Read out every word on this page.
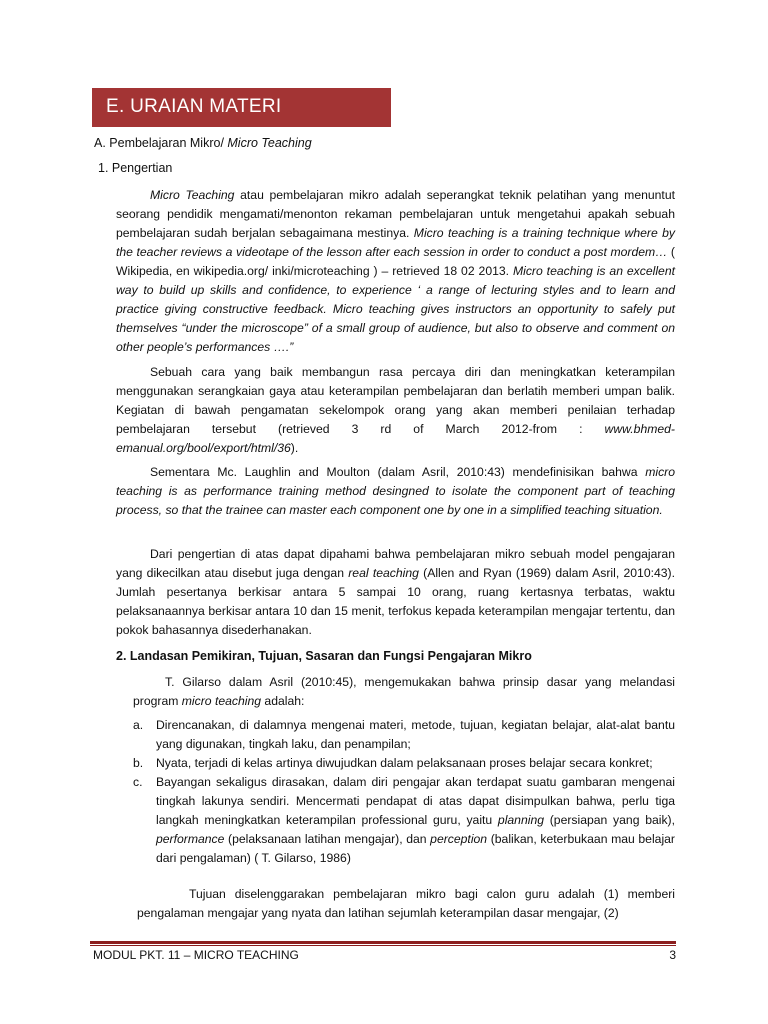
E. URAIAN MATERI
A. Pembelajaran Mikro/ Micro Teaching
1. Pengertian

Micro Teaching atau pembelajaran mikro adalah seperangkat teknik pelatihan yang menuntut seorang pendidik mengamati/menonton rekaman pembelajaran untuk mengetahui apakah sebuah pembelajaran sudah berjalan sebagaimana mestinya. Micro teaching is a training technique where by the teacher reviews a videotape of the lesson after each session in order to conduct a post mordem… ( Wikipedia, en wikipedia.org/ inki/microteaching ) – retrieved 18 02 2013. Micro teaching is an excellent way to build up skills and confidence, to experience ‘ a range of lecturing styles and to learn and practice giving constructive feedback. Micro teaching gives instructors an opportunity to safely put themselves “under the microscope” of a small group of audience, but also to observe and comment on other people’s performances ….”

Sebuah cara yang baik membangun rasa percaya diri dan meningkatkan keterampilan menggunakan serangkaian gaya atau keterampilan pembelajaran dan berlatih memberi umpan balik. Kegiatan di bawah pengamatan sekelompok orang yang akan memberi penilaian terhadap pembelajaran tersebut (retrieved 3 rd of March 2012-from : www.bhmed-emanual.org/bool/export/html/36).

Sementara Mc. Laughlin and Moulton (dalam Asril, 2010:43) mendefinisikan bahwa micro teaching is as performance training method desingned to isolate the component part of teaching process, so that the trainee can master each component one by one in a simplified teaching situation.

Dari pengertian di atas dapat dipahami bahwa pembelajaran mikro sebuah model pengajaran yang dikecilkan atau disebut juga dengan real teaching (Allen and Ryan (1969) dalam Asril, 2010:43). Jumlah pesertanya berkisar antara 5 sampai 10 orang, ruang kertasnya terbatas, waktu pelaksanaannya berkisar antara 10 dan 15 menit, terfokus kepada keterampilan mengajar tertentu, dan pokok bahasannya disederhanakan.

2. Landasan Pemikiran, Tujuan, Sasaran dan Fungsi Pengajaran Mikro

T. Gilarso dalam Asril (2010:45), mengemukakan bahwa prinsip dasar yang melandasi program micro teaching adalah:

a.	Direncanakan, di dalamnya mengenai materi, metode, tujuan, kegiatan belajar, alat-alat bantu yang digunakan, tingkah laku, dan penampilan;
b.	Nyata, terjadi di kelas artinya diwujudkan dalam pelaksanaan proses belajar secara konkret;
c.	Bayangan sekaligus dirasakan, dalam diri pengajar akan terdapat suatu gambaran mengenai tingkah lakunya sendiri. Mencermati pendapat di atas dapat disimpulkan bahwa, perlu tiga langkah meningkatkan keterampilan professional guru, yaitu planning (persiapan yang baik), performance (pelaksanaan latihan mengajar), dan perception (balikan, keterbukaan mau belajar dari pengalaman) ( T. Gilarso, 1986)

Tujuan diselenggarakan pembelajaran mikro bagi calon guru adalah (1) memberi pengalaman mengajar yang nyata dan latihan sejumlah keterampilan dasar mengajar, (2)

MODUL PKT. 11 – MICRO TEACHING	3
